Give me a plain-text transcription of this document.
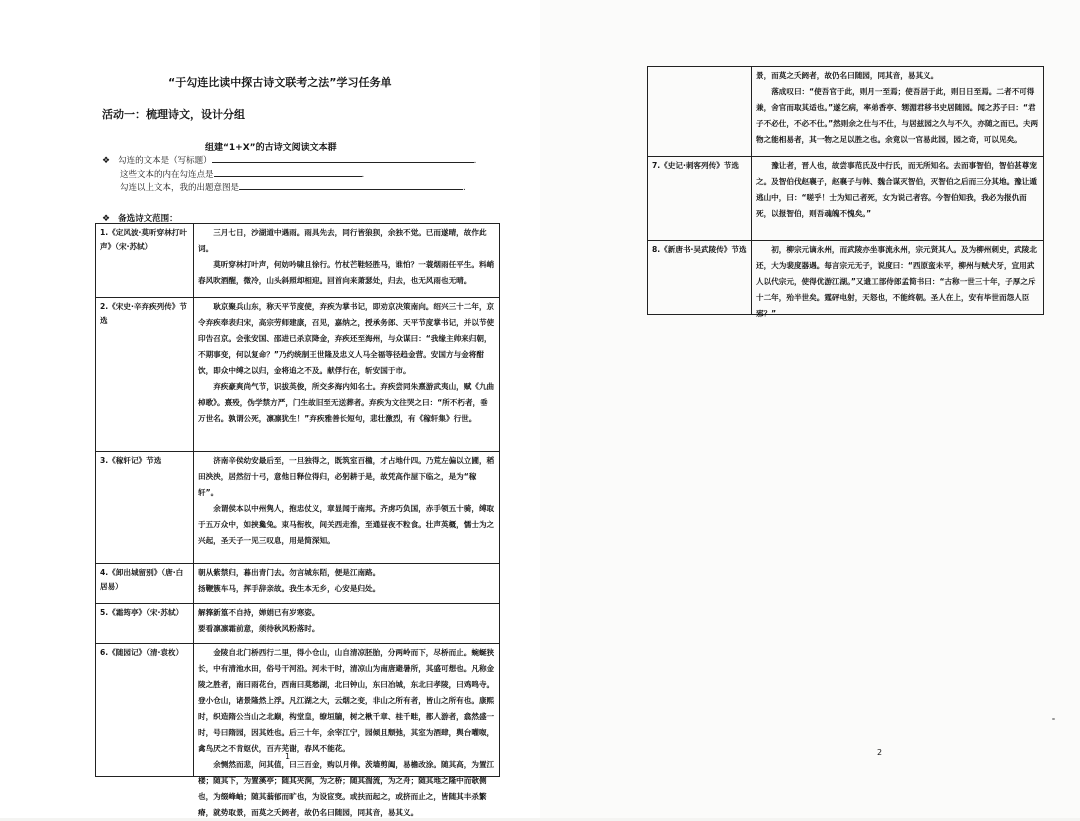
“于勾连比读中探古诗文联考之法”学习任务单
活动一：梳理诗文，设计分组
组建“1+X”的古诗文阅读文本群
❖ 勾连的文本是（写标题）	.
这些文本的内在勾连点是	.
勾连以上文本，我的出题意图是	.
❖ 备选诗文范围：
1.《定风波·莫听穿林打叶声》（宋·苏轼）	三月七日，沙湖道中遇雨。雨具先去，同行皆狼狈，余独不觉。已而遂晴，故作此词。

莫听穿林打叶声，何妨吟啸且徐行。竹杖芒鞋轻胜马，谁怕？一蓑烟雨任平生。料峭春风吹酒醒，微冷，山头斜照却相迎。回首向来萧瑟处，归去，也无风雨也无晴。

2.《宋史·辛弃疾列传》节选	耿京聚兵山东，称天平节度使，弃疾为掌书记，即劝京决策南向。绍兴三十二年，京令弃疾奉表归宋，高宗劳师建康，召见，嘉纳之，授承务郎、天平节度掌书记，并以节使印告召京。会张安国、邵进已杀京降金，弃疾还至海州，与众谋曰：“我缘主帅来归朝，不期事变，何以复命？”乃约统制王世隆及忠义人马全福等径趋金营。安国方与金将酣饮，即众中缚之以归，金将追之不及。献俘行在，斩安国于市。

弃疾豪爽尚气节，识拔英俊，所交多海内知名士。弃疾尝同朱熹游武夷山，赋《九曲棹歌》。熹殁，伪学禁方严，门生故旧至无送葬者。弃疾为文往哭之曰：“所不朽者，垂万世名。孰谓公死，凛凛犹生！”弃疾雅善长短句，悲壮激烈，有《稼轩集》行世。

3.《稼轩记》节选	济南辛侯幼安最后至，一旦独得之，既筑室百楹，才占地什四。乃荒左偏以立圃，稻田泱泱，居然衍十弓，意他日释位得归，必躬耕于是，故凭高作屋下临之，是为“稼轩”。

余谓侯本以中州隽人，抱忠仗义，章显闻于南邦。齐虏巧负国，赤手领五十骑，缚取于五万众中，如挟毚兔。束马衔枚，间关西走淮，至通昼夜不粒食。壮声英概，懦士为之兴起，圣天子一见三叹息，用是简深知。

4.《卸出城留别》（唐·白居易）	朝从紫禁归，暮出青门去。勿言城东陌，便是江南路。

扬鞭簇车马，挥手辞亲故。我生本无乡，心安是归处。

5.《霜筠亭》（宋·苏轼）	解箨新篁不自持，婵娟已有岁寒姿。

要看凛凛霜前意，须待秋风粉落时。

6.《随园记》（清·袁枚）	金陵自北门桥西行二里，得小仓山，山自清凉胚胎，分两岭而下，尽桥而止。蜿蜒狭长，中有清池水田，俗号干河沿。河未干时，清凉山为南唐避暑所，其盛可想也。凡称金陵之胜者，南曰雨花台，西南曰莫愁湖，北曰钟山，东曰冶城，东北曰孝陵，曰鸡鸣寺。登小仓山，诸景隆然上浮。凡江湖之大，云烟之变，非山之所有者，皆山之所有也。康熙时，织造隋公当山之北巅，构堂皇，缭垣牖，树之楸千章、桂千畦，都人游者，翕然盛一时，号曰隋园，因其姓也。后三十年，余宰江宁，园倾且颓弛，其室为酒肆，舆台嚾呶，禽鸟厌之不肯妪伏，百卉芜谢，春风不能花。

余恻然而悲，问其值，曰三百金，购以月俸。茨墙剪阖，易檐改涂。随其高，为置江楼；随其下，为置溪亭；随其夹涧，为之桥；随其湍流，为之舟；随其地之隆中而欹侧也，为缀峰岫；随其蓊郁而旷也，为设宧窔。或扶而起之，或挤而止之，皆随其丰杀繁瘠，就势取景，而莫之夭阏者，故仍名曰随园，同其音，易其义。

1	2

	景，而莫之夭阏者，故仍名曰随园，同其音，易其义。

落成叹曰：“使吾官于此，则月一至焉；使吾居于此，则日日至焉。二者不可得兼，舍官而取其适也。”遂乞病，率弟香亭、甥湄君移书史居随园。闻之苏子曰：“君子不必仕，不必不仕。”然则余之仕与不仕，与居兹园之久与不久，亦随之而已。夫两物之能相易者，其一物之足以胜之也。余竟以一官易此园，园之奇，可以见矣。

7.《史记·刺客列传》节选	豫让者，晋人也，故尝事范氏及中行氏，而无所知名。去而事智伯，智伯甚尊宠之。及智伯伐赵襄子，赵襄子与韩、魏合谋灭智伯，灭智伯之后而三分其地。豫让遁逃山中，曰：“嗟乎！士为知己者死，女为说己者容。今智伯知我，我必为报仇而死，以报智伯，则吾魂魄不愧矣。”

8.《新唐书·吴武陵传》节选	初，柳宗元谪永州，而武陵亦坐事流永州，宗元贤其人。及为柳州刺史，武陵北还，大为裴度器遇。每言宗元无子，说度曰：“西原蛮未平，柳州与贼犬牙，宜用武人以代宗元，使得优游江湖。”又遗工部侍郎孟简书曰：“古称一世三十年，子厚之斥十二年，殆半世矣。霆砰电射，天怒也，不能终朝。圣人在上，安有毕世而怨人臣邪？”
